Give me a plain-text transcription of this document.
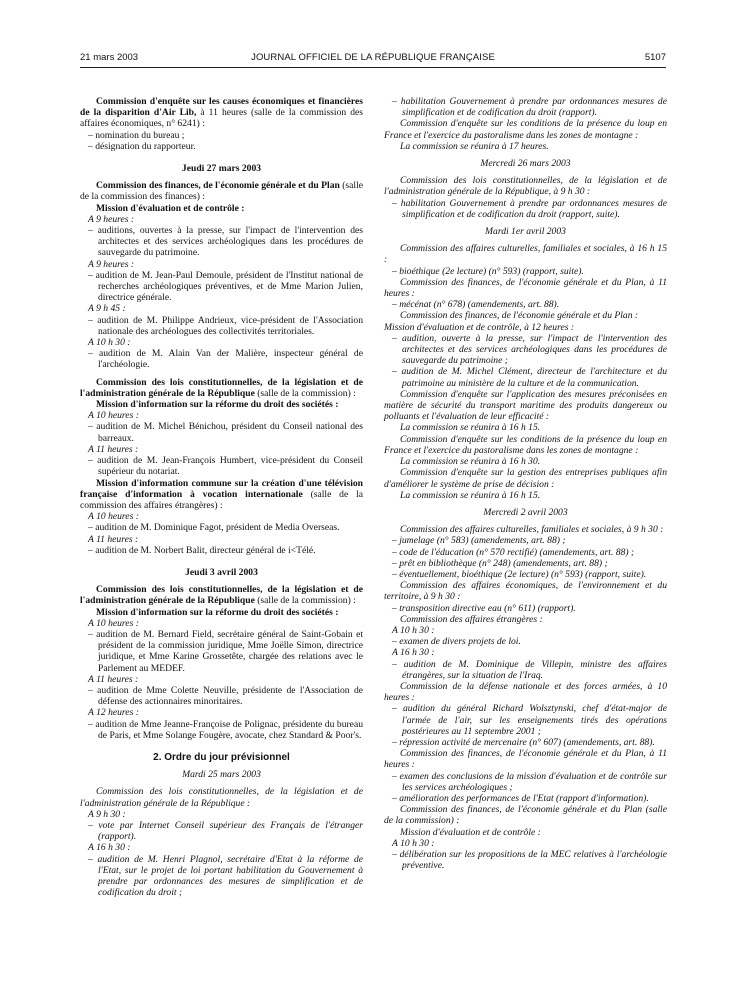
21 mars 2003	JOURNAL OFFICIEL DE LA RÉPUBLIQUE FRANÇAISE	5107
Commission d'enquête sur les causes économiques et financières de la disparition d'Air Lib, à 11 heures (salle de la commission des affaires économiques, n° 6241) :
– nomination du bureau ;
– désignation du rapporteur.
Jeudi 27 mars 2003
Commission des finances, de l'économie générale et du Plan (salle de la commission des finances) :
Mission d'évaluation et de contrôle :
A 9 heures :
– auditions, ouvertes à la presse, sur l'impact de l'intervention des architectes et des services archéologiques dans les procédures de sauvegarde du patrimoine.
A 9 heures :
– audition de M. Jean-Paul Demoule, président de l'Institut national de recherches archéologiques préventives, et de Mme Marion Julien, directrice générale.
A 9 h 45 :
– audition de M. Philippe Andrieux, vice-président de l'Association nationale des archéologues des collectivités territoriales.
A 10 h 30 :
– audition de M. Alain Van der Malière, inspecteur général de l'archéologie.
Commission des lois constitutionnelles, de la législation et de l'administration générale de la République (salle de la commission) :
Mission d'information sur la réforme du droit des sociétés :
A 10 heures :
– audition de M. Michel Bénichou, président du Conseil national des barreaux.
A 11 heures :
– audition de M. Jean-François Humbert, vice-président du Conseil supérieur du notariat.
Mission d'information commune sur la création d'une télévision française d'information à vocation internationale (salle de la commission des affaires étrangères) :
A 10 heures :
– audition de M. Dominique Fagot, président de Media Overseas.
A 11 heures :
– audition de M. Norbert Balit, directeur général de i<Télé.
Jeudi 3 avril 2003
Commission des lois constitutionnelles, de la législation et de l'administration générale de la République (salle de la commission) :
Mission d'information sur la réforme du droit des sociétés :
A 10 heures :
– audition de M. Bernard Field, secrétaire général de Saint-Gobain et président de la commission juridique, Mme Joëlle Simon, directrice juridique, et Mme Karine Grossetête, chargée des relations avec le Parlement au MEDEF.
A 11 heures :
– audition de Mme Colette Neuville, présidente de l'Association de défense des actionnaires minoritaires.
A 12 heures :
– audition de Mme Jeanne-Françoise de Polignac, présidente du bureau de Paris, et Mme Solange Fougère, avocate, chez Standard & Poor's.
2. Ordre du jour prévisionnel
Mardi 25 mars 2003
Commission des lois constitutionnelles, de la législation et de l'administration générale de la République :
A 9 h 30 :
– vote par Internet Conseil supérieur des Français de l'étranger (rapport).
A 16 h 30 :
– audition de M. Henri Plagnol, secrétaire d'Etat à la réforme de l'Etat, sur le projet de loi portant habilitation du Gouvernement à prendre par ordonnances des mesures de simplification et de codification du droit ;
– habilitation Gouvernement à prendre par ordonnances mesures de simplification et de codification du droit (rapport).
Commission d'enquête sur les conditions de la présence du loup en France et l'exercice du pastoralisme dans les zones de montagne :
La commission se réunira à 17 heures.
Mercredi 26 mars 2003
Commission des lois constitutionnelles, de la législation et de l'administration générale de la République, à 9 h 30 :
– habilitation Gouvernement à prendre par ordonnances mesures de simplification et de codification du droit (rapport, suite).
Mardi 1er avril 2003
Commission des affaires culturelles, familiales et sociales, à 16 h 15 :
– bioéthique (2e lecture) (n° 593) (rapport, suite).
Commission des finances, de l'économie générale et du Plan, à 11 heures :
– mécénat (n° 678) (amendements, art. 88).
Commission des finances, de l'économie générale et du Plan :
Mission d'évaluation et de contrôle, à 12 heures :
– audition, ouverte à la presse, sur l'impact de l'intervention des architectes et des services archéologiques dans les procédures de sauvegarde du patrimoine ;
– audition de M. Michel Clément, directeur de l'architecture et du patrimoine au ministère de la culture et de la communication.
Commission d'enquête sur l'application des mesures préconisées en matière de sécurité du transport maritime des produits dangereux ou polluants et l'évaluation de leur efficacité :
La commission se réunira à 16 h 15.
Commission d'enquête sur les conditions de la présence du loup en France et l'exercice du pastoralisme dans les zones de montagne :
La commission se réunira à 16 h 30.
Commission d'enquête sur la gestion des entreprises publiques afin d'améliorer le système de prise de décision :
La commission se réunira à 16 h 15.
Mercredi 2 avril 2003
Commission des affaires culturelles, familiales et sociales, à 9 h 30 :
– jumelage (n° 583) (amendements, art. 88) ;
– code de l'éducation (n° 570 rectifié) (amendements, art. 88) ;
– prêt en bibliothèque (n° 248) (amendements, art. 88) ;
– éventuellement, bioéthique (2e lecture) (n° 593) (rapport, suite).
Commission des affaires économiques, de l'environnement et du territoire, à 9 h 30 :
– transposition directive eau (n° 611) (rapport).
Commission des affaires étrangères :
A 10 h 30 :
– examen de divers projets de loi.
A 16 h 30 :
– audition de M. Dominique de Villepin, ministre des affaires étrangères, sur la situation de l'Iraq.
Commission de la défense nationale et des forces armées, à 10 heures :
– audition du général Richard Wolsztynski, chef d'état-major de l'armée de l'air, sur les enseignements tirés des opérations postérieures au 11 septembre 2001 ;
– répression activité de mercenaire (n° 607) (amendements, art. 88).
Commission des finances, de l'économie générale et du Plan, à 11 heures :
– examen des conclusions de la mission d'évaluation et de contrôle sur les services archéologiques ;
– amélioration des performances de l'Etat (rapport d'information).
Commission des finances, de l'économie générale et du Plan (salle de la commission) :
Mission d'évaluation et de contrôle :
A 10 h 30 :
– délibération sur les propositions de la MEC relatives à l'archéologie préventive.
